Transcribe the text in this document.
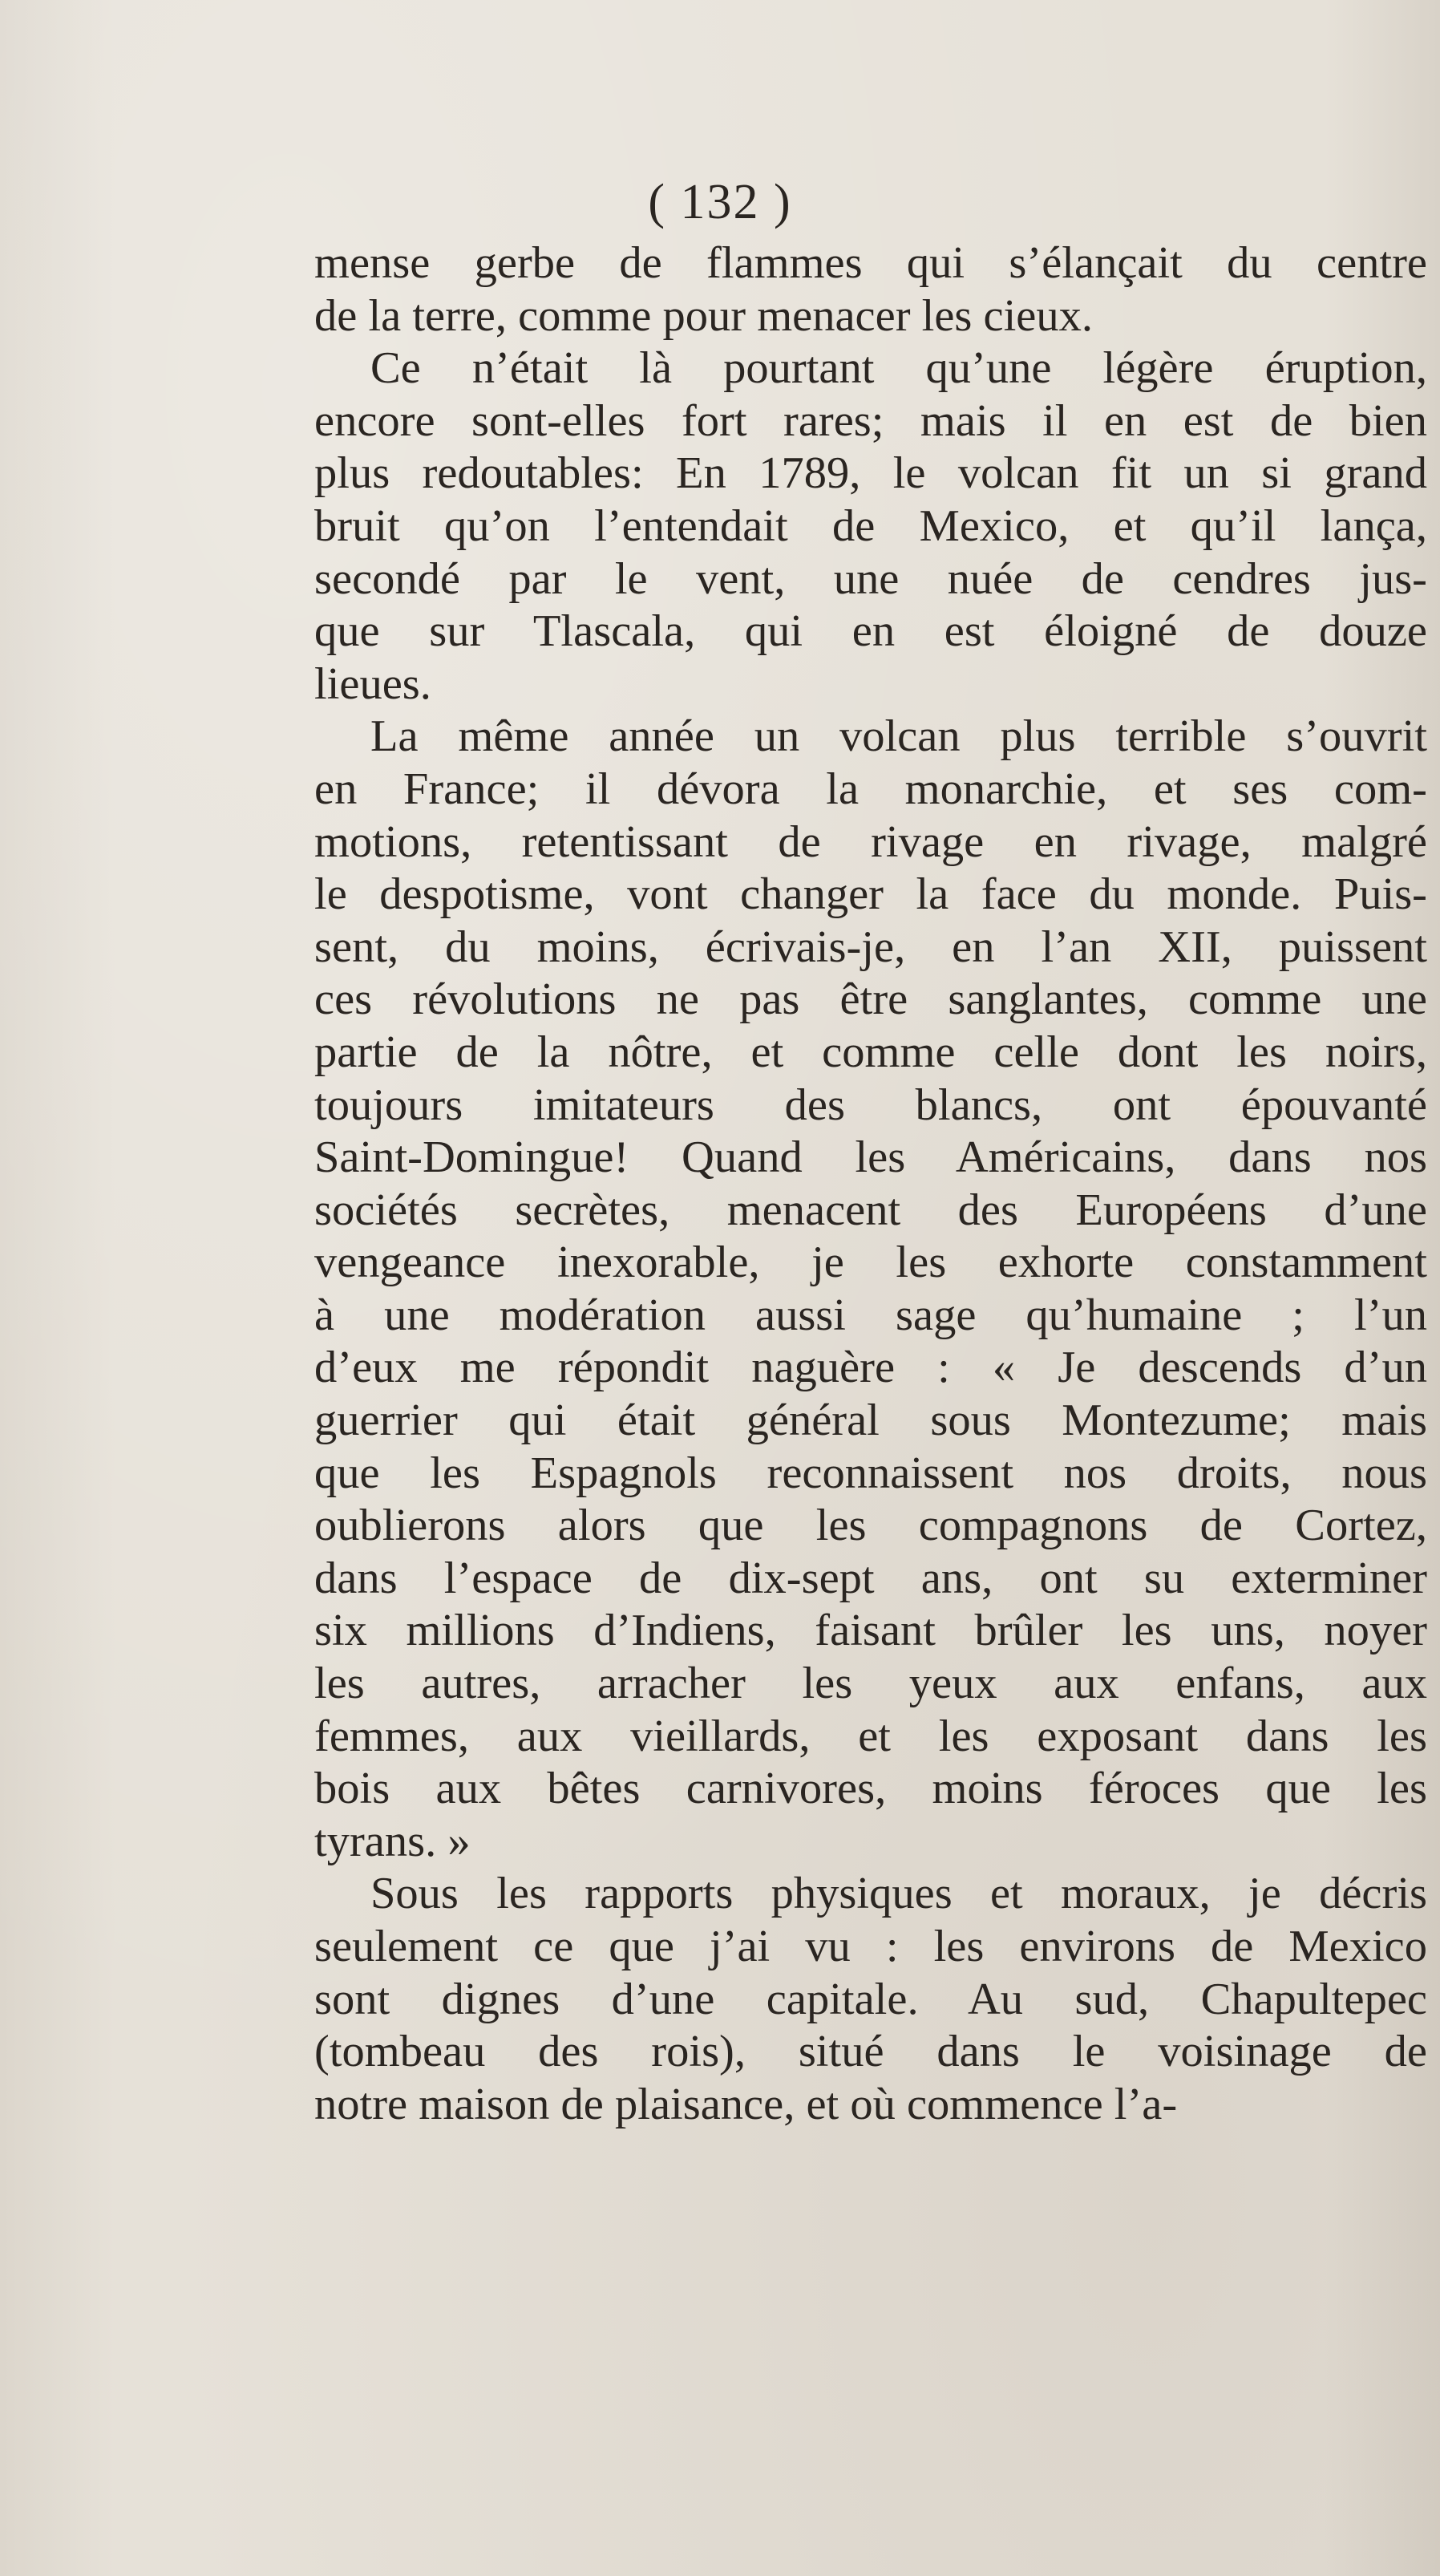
( 132 )
mense gerbe de flammes qui s’élançait du centre
de la terre, comme pour menacer les cieux.
Ce n’était là pourtant qu’une légère éruption,
encore sont-elles fort rares; mais il en est de bien
plus redoutables: En 1789, le volcan fit un si grand
bruit qu’on l’entendait de Mexico, et qu’il lança,
secondé par le vent, une nuée de cendres jus-
que sur Tlascala, qui en est éloigné de douze
lieues.
La même année un volcan plus terrible s’ouvrit
en France; il dévora la monarchie, et ses com-
motions, retentissant de rivage en rivage, malgré
le despotisme, vont changer la face du monde. Puis-
sent, du moins, écrivais-je, en l’an XII, puissent
ces révolutions ne pas être sanglantes, comme une
partie de la nôtre, et comme celle dont les noirs,
toujours imitateurs des blancs, ont épouvanté
Saint-Domingue! Quand les Américains, dans nos
sociétés secrètes, menacent des Européens d’une
vengeance inexorable, je les exhorte constamment
à une modération aussi sage qu’humaine ; l’un
d’eux me répondit naguère : « Je descends d’un
guerrier qui était général sous Montezume; mais
que les Espagnols reconnaissent nos droits, nous
oublierons alors que les compagnons de Cortez,
dans l’espace de dix-sept ans, ont su exterminer
six millions d’Indiens, faisant brûler les uns, noyer
les autres, arracher les yeux aux enfans, aux
femmes, aux vieillards, et les exposant dans les
bois aux bêtes carnivores, moins féroces que les
tyrans. »
Sous les rapports physiques et moraux, je décris
seulement ce que j’ai vu : les environs de Mexico
sont dignes d’une capitale. Au sud, Chapultepec
(tombeau des rois), situé dans le voisinage de
notre maison de plaisance, et où commence l’a-
